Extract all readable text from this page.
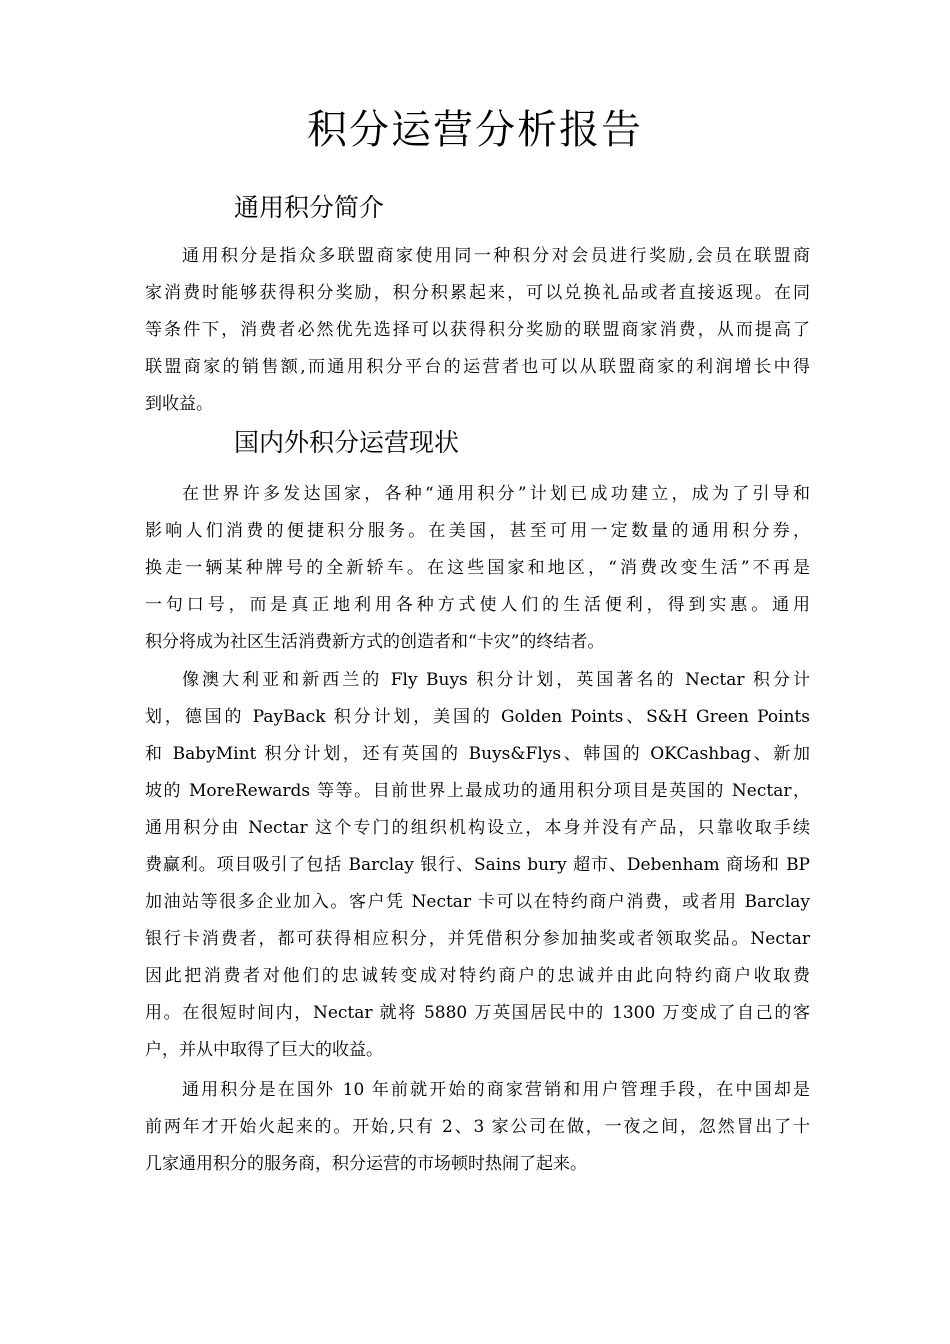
积分运营分析报告
通用积分简介
通用积分是指众多联盟商家使用同一种积分对会员进行奖励,会员在联盟商
家消费时能够获得积分奖励，积分积累起来，可以兑换礼品或者直接返现。在同
等条件下，消费者必然优先选择可以获得积分奖励的联盟商家消费，从而提高了
联盟商家的销售额,而通用积分平台的运营者也可以从联盟商家的利润增长中得
到收益。
国内外积分运营现状
在世界许多发达国家，各种“通用积分”计划已成功建立，成为了引导和
影响人们消费的便捷积分服务。在美国，甚至可用一定数量的通用积分券，
换走一辆某种牌号的全新轿车。在这些国家和地区，“消费改变生活”不再是
一句口号，而是真正地利用各种方式使人们的生活便利，得到实惠。通用
积分将成为社区生活消费新方式的创造者和“卡灾”的终结者。
像澳大利亚和新西兰的 Fly Buys 积分计划，英国著名的 Nectar 积分计
划，德国的 PayBack 积分计划，美国的 Golden Points、S&H Green Points
和 BabyMint 积分计划，还有英国的 Buys&Flys、韩国的 OKCashbag、新加
坡的 MoreRewards 等等。目前世界上最成功的通用积分项目是英国的 Nectar，
通用积分由 Nectar 这个专门的组织机构设立，本身并没有产品，只靠收取手续
费赢利。项目吸引了包括 Barclay 银行、Sains bury 超市、Debenham 商场和 BP
加油站等很多企业加入。客户凭 Nectar 卡可以在特约商户消费，或者用 Barclay
银行卡消费者，都可获得相应积分，并凭借积分参加抽奖或者领取奖品。Nectar
因此把消费者对他们的忠诚转变成对特约商户的忠诚并由此向特约商户收取费
用。在很短时间内，Nectar 就将 5880 万英国居民中的 1300 万变成了自己的客
户，并从中取得了巨大的收益。
通用积分是在国外 10 年前就开始的商家营销和用户管理手段，在中国却是
前两年才开始火起来的。开始,只有 2、3 家公司在做，一夜之间，忽然冒出了十
几家通用积分的服务商，积分运营的市场顿时热闹了起来。
